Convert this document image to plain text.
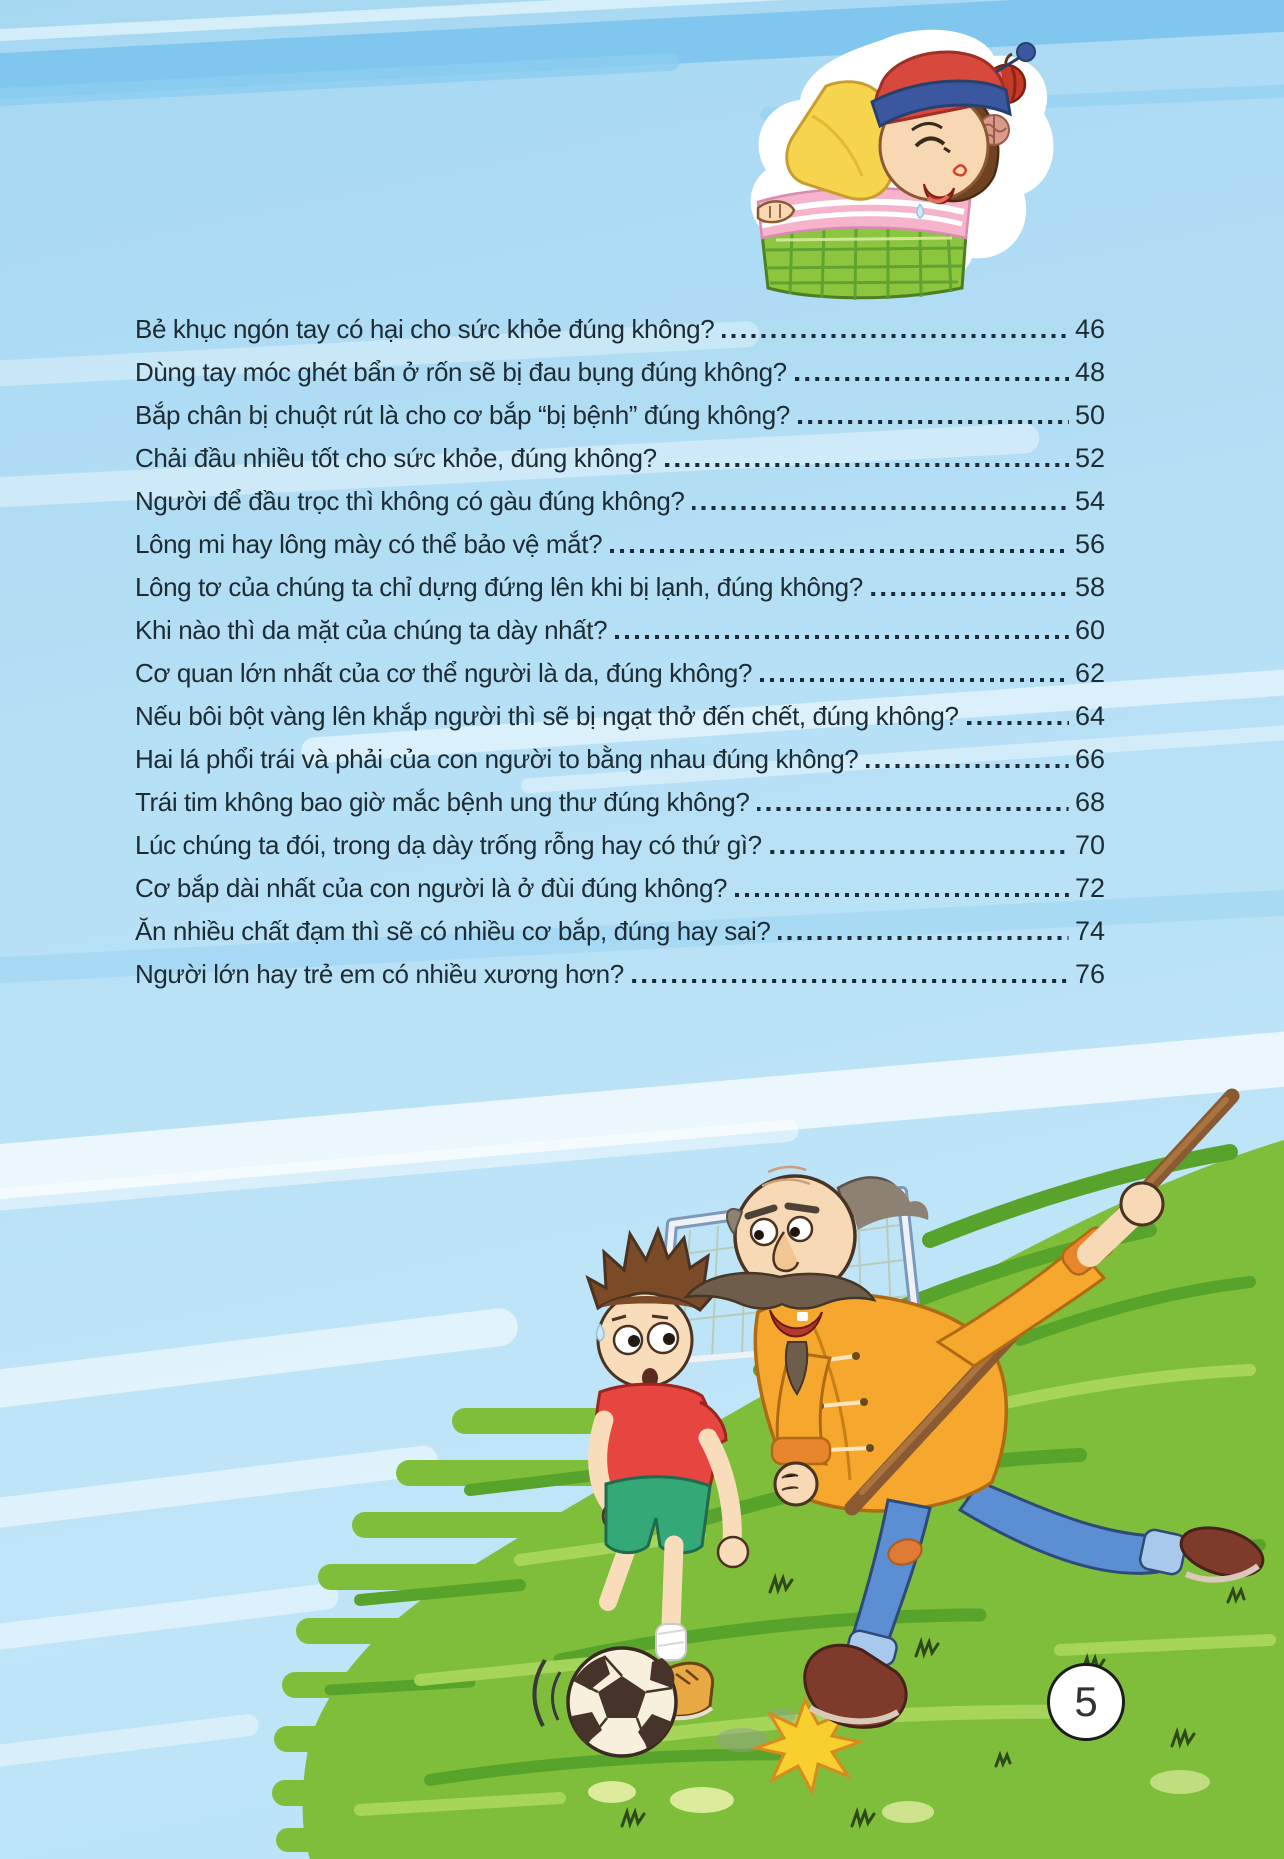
Bẻ khục ngón tay có hại cho sức khỏe đúng không?	46
Dùng tay móc ghét bẩn ở rốn sẽ bị đau bụng đúng không?	48
Bắp chân bị chuột rút là cho cơ bắp “bị bệnh” đúng không?	50
Chải đầu nhiều tốt cho sức khỏe, đúng không?	52
Người để đầu trọc thì không có gàu đúng không?	54
Lông mi hay lông mày có thể bảo vệ mắt?	56
Lông tơ của chúng ta chỉ dựng đứng lên khi bị lạnh, đúng không?	58
Khi nào thì da mặt của chúng ta dày nhất?	60
Cơ quan lớn nhất của cơ thể người là da, đúng không?	62
Nếu bôi bột vàng lên khắp người thì sẽ bị ngạt thở đến chết, đúng không?	64
Hai lá phổi trái và phải của con người to bằng nhau đúng không?	66
Trái tim không bao giờ mắc bệnh ung thư đúng không?	68
Lúc chúng ta đói, trong dạ dày trống rỗng hay có thứ gì?	70
Cơ bắp dài nhất của con người là ở đùi đúng không?	72
Ăn nhiều chất đạm thì sẽ có nhiều cơ bắp, đúng hay sai?	74
Người lớn hay trẻ em có nhiều xương hơn?	76
5
